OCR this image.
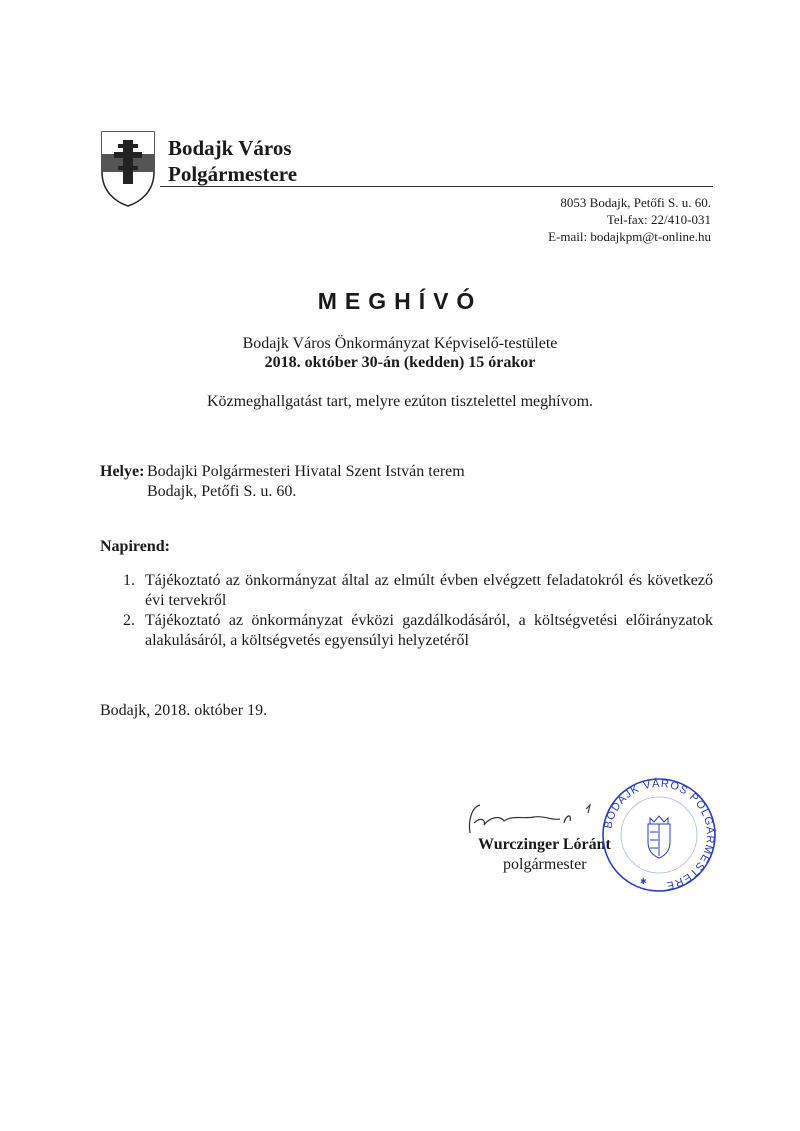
Bodajk Város
Polgármestere
8053 Bodajk, Petőfi S. u. 60.
Tel-fax: 22/410-031
E-mail: bodajkpm@t-online.hu
MEGHÍVÓ
Bodajk Város Önkormányzat Képviselő-testülete
2018. október 30-án (kedden) 15 órakor
Közmeghallgatást tart, melyre ezúton tisztelettel meghívom.
Helye: Bodajki Polgármesteri Hivatal Szent István terem
Bodajk, Petőfi S. u. 60.
Napirend:
1. Tájékoztató az önkormányzat által az elmúlt évben elvégzett feladatokról és következő évi tervekről
2. Tájékoztató az önkormányzat évközi gazdálkodásáról, a költségvetési előirányzatok alakulásáról, a költségvetés egyensúlyi helyzetéről
Bodajk, 2018. október 19.
Wurczinger Lóránt
polgármester
BODAJK VÁROS POLGÁRMESTERE
✱
